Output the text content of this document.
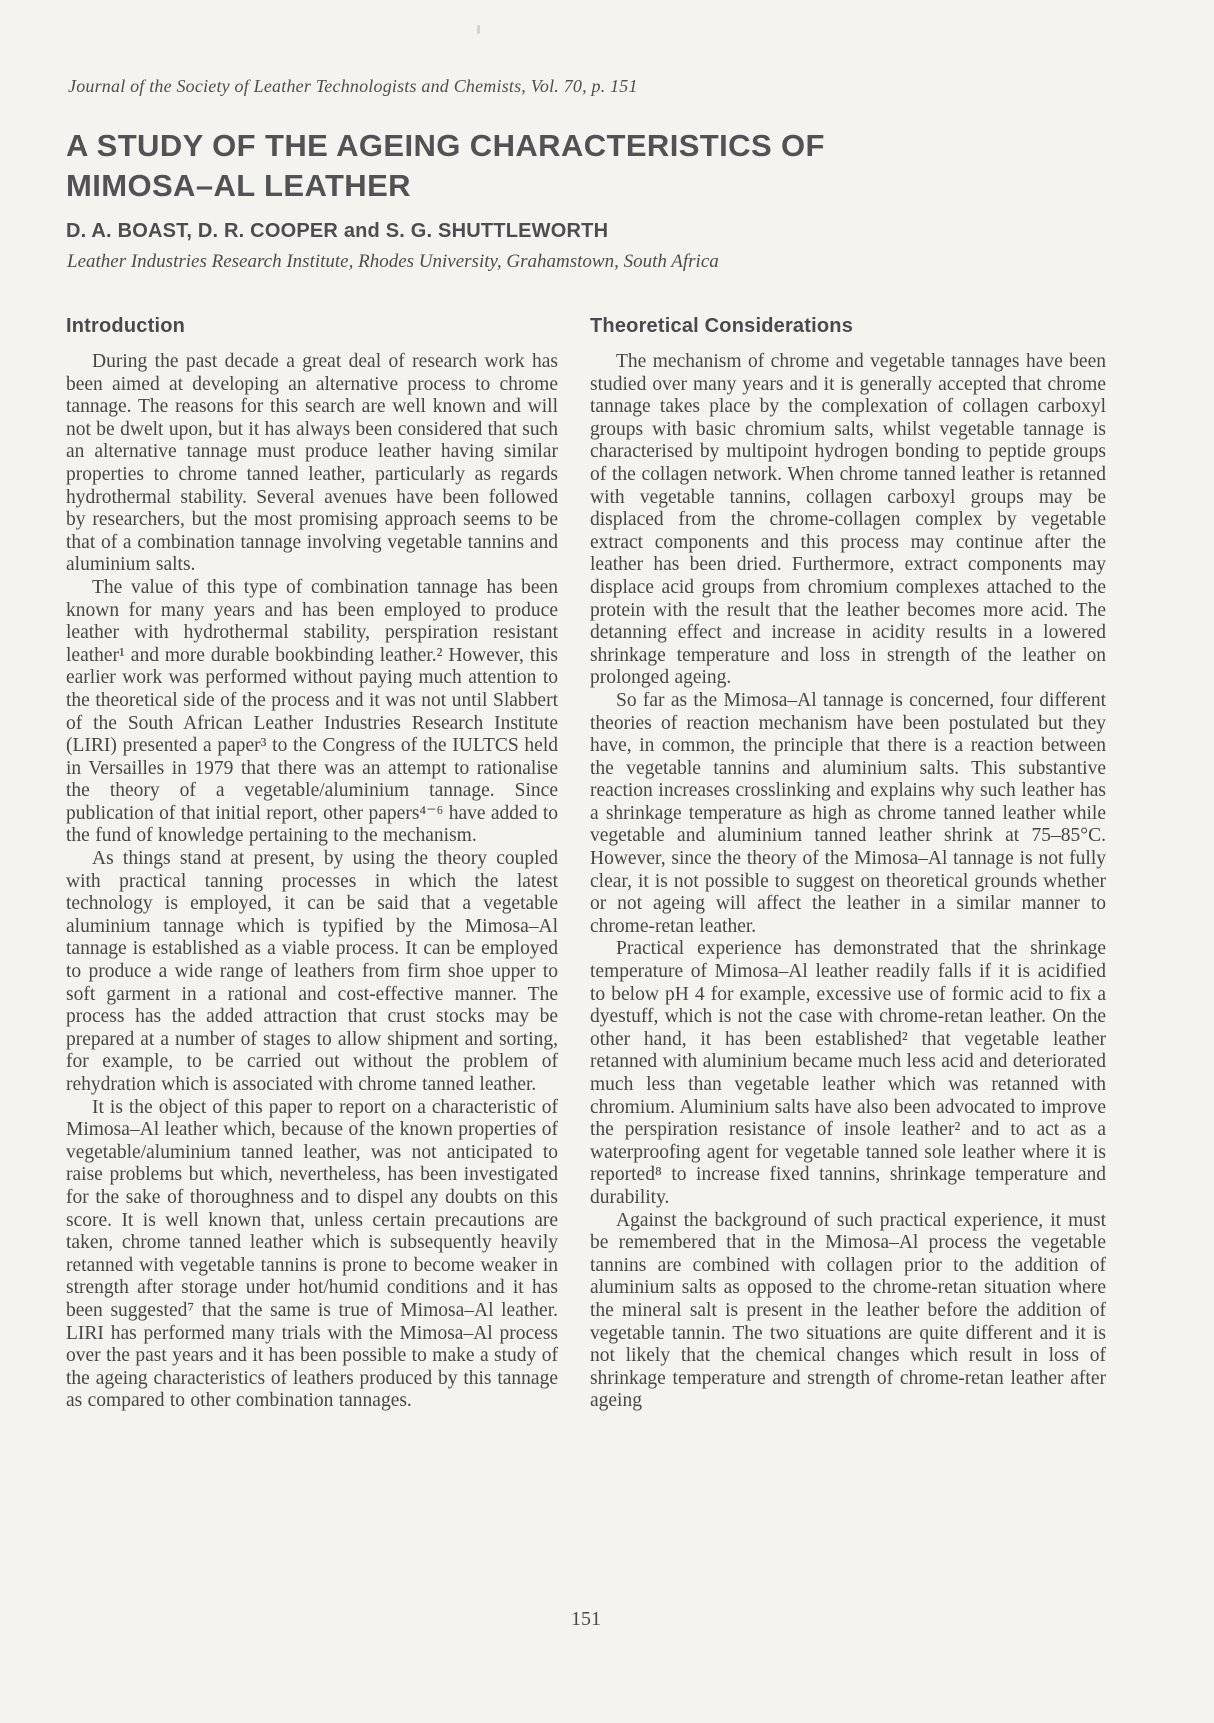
Journal of the Society of Leather Technologists and Chemists, Vol. 70, p. 151
A STUDY OF THE AGEING CHARACTERISTICS OF
MIMOSA–AL LEATHER
D. A. BOAST, D. R. COOPER and S. G. SHUTTLEWORTH
Leather Industries Research Institute, Rhodes University, Grahamstown, South Africa
Introduction

During the past decade a great deal of research work has been aimed at developing an alternative process to chrome tannage. The reasons for this search are well known and will not be dwelt upon, but it has always been considered that such an alternative tannage must produce leather having similar properties to chrome tanned leather, particularly as regards hydrothermal stability. Several avenues have been followed by researchers, but the most promising approach seems to be that of a combination tannage involving vegetable tannins and aluminium salts.

The value of this type of combination tannage has been known for many years and has been employed to produce leather with hydrothermal stability, perspiration resistant leather¹ and more durable bookbinding leather.² However, this earlier work was performed without paying much attention to the theoretical side of the process and it was not until Slabbert of the South African Leather Industries Research Institute (LIRI) presented a paper³ to the Congress of the IULTCS held in Versailles in 1979 that there was an attempt to rationalise the theory of a vegetable/aluminium tannage. Since publication of that initial report, other papers⁴⁻⁶ have added to the fund of knowledge pertaining to the mechanism.

As things stand at present, by using the theory coupled with practical tanning processes in which the latest technology is employed, it can be said that a vegetable aluminium tannage which is typified by the Mimosa–Al tannage is established as a viable process. It can be employed to produce a wide range of leathers from firm shoe upper to soft garment in a rational and cost-effective manner. The process has the added attraction that crust stocks may be prepared at a number of stages to allow shipment and sorting, for example, to be carried out without the problem of rehydration which is associated with chrome tanned leather.

It is the object of this paper to report on a characteristic of Mimosa–Al leather which, because of the known properties of vegetable/aluminium tanned leather, was not anticipated to raise problems but which, nevertheless, has been investigated for the sake of thoroughness and to dispel any doubts on this score. It is well known that, unless certain precautions are taken, chrome tanned leather which is subsequently heavily retanned with vegetable tannins is prone to become weaker in strength after storage under hot/humid conditions and it has been suggested⁷ that the same is true of Mimosa–Al leather. LIRI has performed many trials with the Mimosa–Al process over the past years and it has been possible to make a study of the ageing characteristics of leathers produced by this tannage as compared to other combination tannages.

Theoretical Considerations

The mechanism of chrome and vegetable tannages have been studied over many years and it is generally accepted that chrome tannage takes place by the complexation of collagen carboxyl groups with basic chromium salts, whilst vegetable tannage is characterised by multipoint hydrogen bonding to peptide groups of the collagen network. When chrome tanned leather is retanned with vegetable tannins, collagen carboxyl groups may be displaced from the chrome-collagen complex by vegetable extract components and this process may continue after the leather has been dried. Furthermore, extract components may displace acid groups from chromium complexes attached to the protein with the result that the leather becomes more acid. The detanning effect and increase in acidity results in a lowered shrinkage temperature and loss in strength of the leather on prolonged ageing.

So far as the Mimosa–Al tannage is concerned, four different theories of reaction mechanism have been postulated but they have, in common, the principle that there is a reaction between the vegetable tannins and aluminium salts. This substantive reaction increases crosslinking and explains why such leather has a shrinkage temperature as high as chrome tanned leather while vegetable and aluminium tanned leather shrink at 75–85°C. However, since the theory of the Mimosa–Al tannage is not fully clear, it is not possible to suggest on theoretical grounds whether or not ageing will affect the leather in a similar manner to chrome-retan leather.

Practical experience has demonstrated that the shrinkage temperature of Mimosa–Al leather readily falls if it is acidified to below pH 4 for example, excessive use of formic acid to fix a dyestuff, which is not the case with chrome-retan leather. On the other hand, it has been established² that vegetable leather retanned with aluminium became much less acid and deteriorated much less than vegetable leather which was retanned with chromium. Aluminium salts have also been advocated to improve the perspiration resistance of insole leather² and to act as a waterproofing agent for vegetable tanned sole leather where it is reported⁸ to increase fixed tannins, shrinkage temperature and durability.

Against the background of such practical experience, it must be remembered that in the Mimosa–Al process the vegetable tannins are combined with collagen prior to the addition of aluminium salts as opposed to the chrome-retan situation where the mineral salt is present in the leather before the addition of vegetable tannin. The two situations are quite different and it is not likely that the chemical changes which result in loss of shrinkage temperature and strength of chrome-retan leather after ageing

151
